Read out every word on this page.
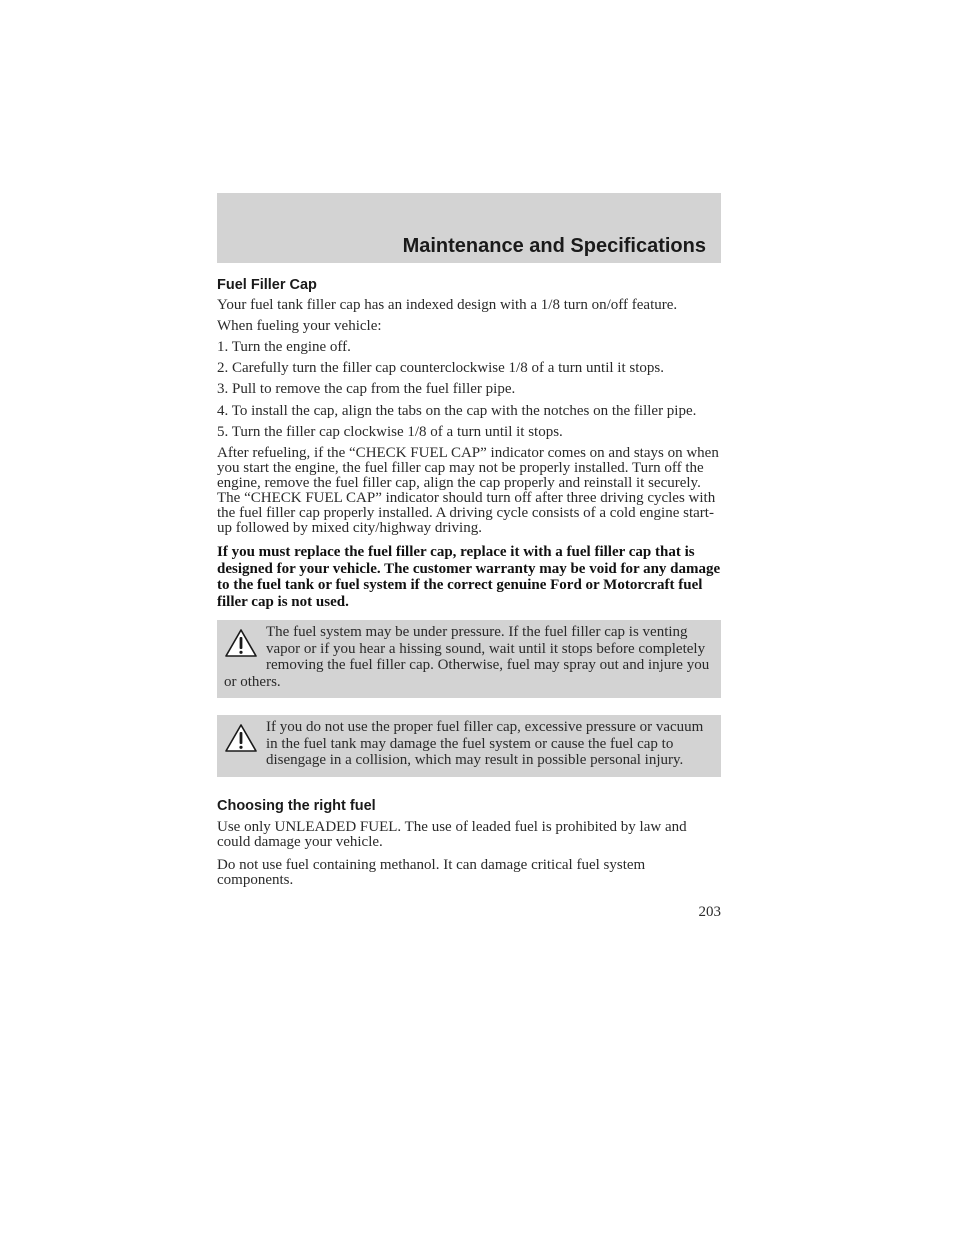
Maintenance and Specifications
Fuel Filler Cap

Your fuel tank filler cap has an indexed design with a 1/8 turn on/off feature.

When fueling your vehicle:

1. Turn the engine off.

2. Carefully turn the filler cap counterclockwise 1/8 of a turn until it stops.

3. Pull to remove the cap from the fuel filler pipe.

4. To install the cap, align the tabs on the cap with the notches on the filler pipe.

5. Turn the filler cap clockwise 1/8 of a turn until it stops.

After refueling, if the “CHECK FUEL CAP” indicator comes on and stays on when you start the engine, the fuel filler cap may not be properly installed. Turn off the engine, remove the fuel filler cap, align the cap properly and reinstall it securely. The “CHECK FUEL CAP” indicator should turn off after three driving cycles with the fuel filler cap properly installed. A driving cycle consists of a cold engine start-up followed by mixed city/highway driving.

If you must replace the fuel filler cap, replace it with a fuel filler cap that is designed for your vehicle. The customer warranty may be void for any damage to the fuel tank or fuel system if the correct genuine Ford or Motorcraft fuel filler cap is not used.

The fuel system may be under pressure. If the fuel filler cap is venting vapor or if you hear a hissing sound, wait until it stops before completely removing the fuel filler cap. Otherwise, fuel may spray out and injure you or others.

If you do not use the proper fuel filler cap, excessive pressure or vacuum in the fuel tank may damage the fuel system or cause the fuel cap to disengage in a collision, which may result in possible personal injury.

Choosing the right fuel

Use only UNLEADED FUEL. The use of leaded fuel is prohibited by law and could damage your vehicle.

Do not use fuel containing methanol. It can damage critical fuel system components.

203
